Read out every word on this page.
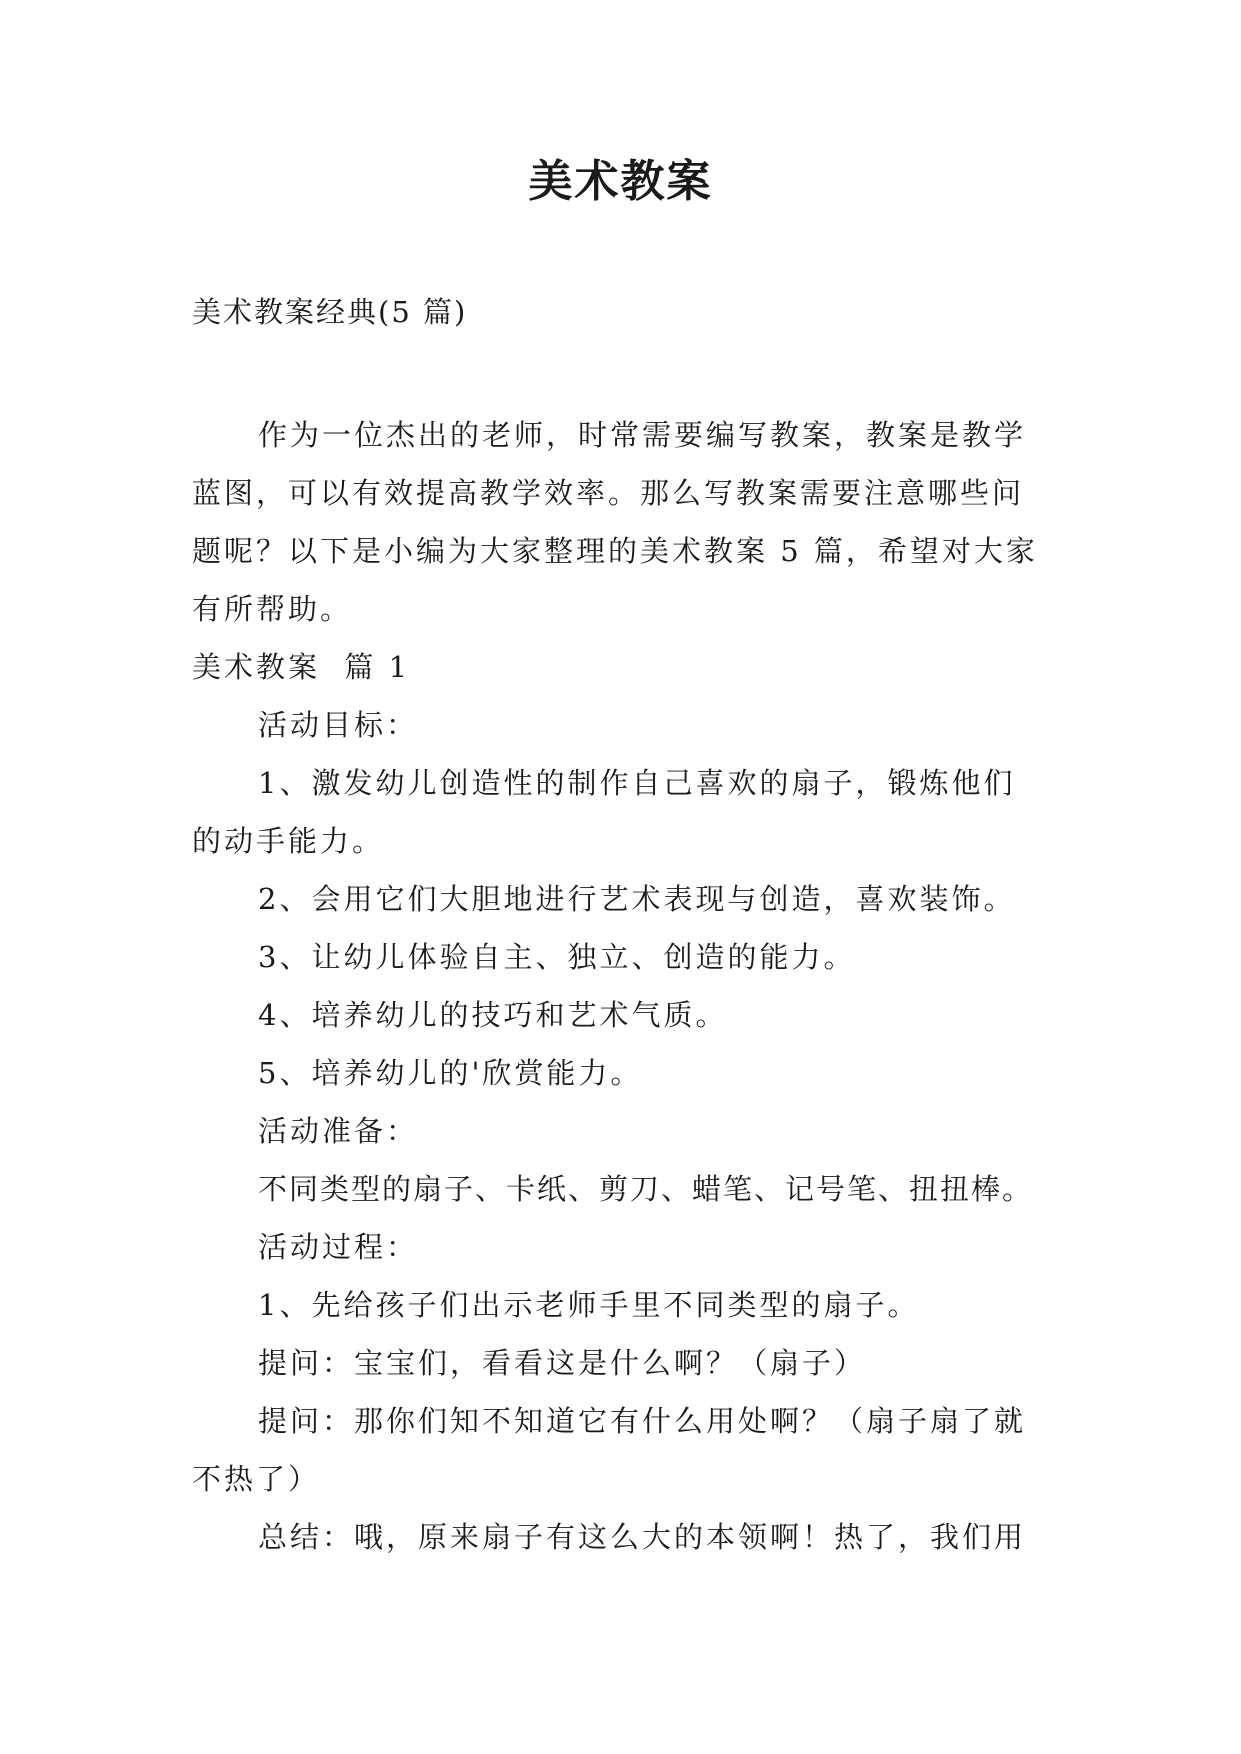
美术教案
美术教案经典(5 篇)
作为一位杰出的老师，时常需要编写教案，教案是教学
蓝图，可以有效提高教学效率。那么写教案需要注意哪些问
题呢？以下是小编为大家整理的美术教案 5 篇，希望对大家
有所帮助。
美术教案  篇 1
活动目标：
1、激发幼儿创造性的制作自己喜欢的扇子，锻炼他们
的动手能力。
2、会用它们大胆地进行艺术表现与创造，喜欢装饰。
3、让幼儿体验自主、独立、创造的能力。
4、培养幼儿的技巧和艺术气质。
5、培养幼儿的'欣赏能力。
活动准备：
不同类型的扇子、卡纸、剪刀、蜡笔、记号笔、扭扭棒。
活动过程：
1、先给孩子们出示老师手里不同类型的扇子。
提问：宝宝们，看看这是什么啊？（扇子）
提问：那你们知不知道它有什么用处啊？（扇子扇了就
不热了）
总结：哦，原来扇子有这么大的本领啊！热了，我们用
